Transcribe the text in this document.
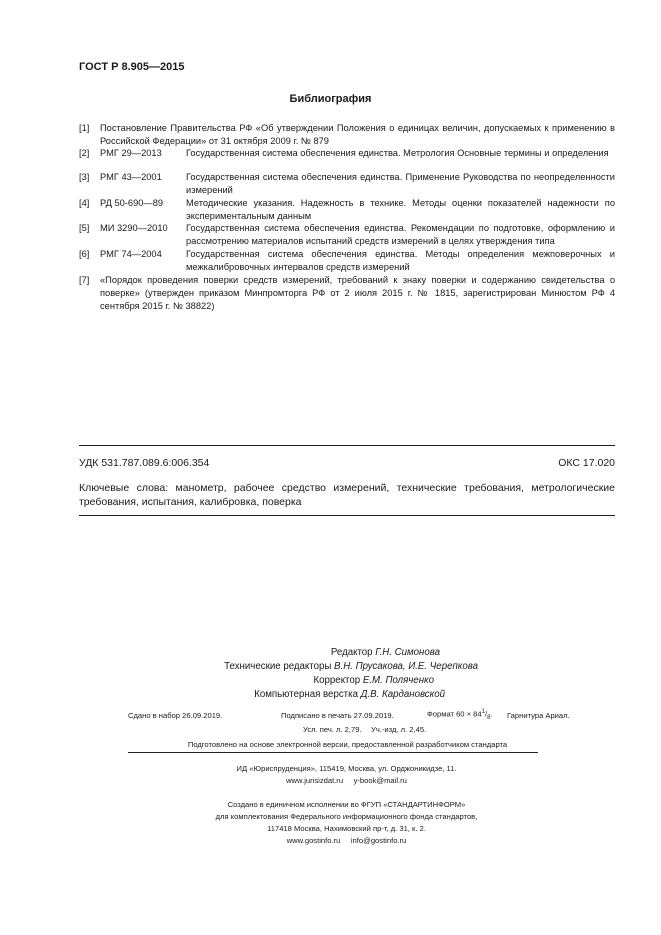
ГОСТ Р 8.905—2015
Библиография
[1] Постановление Правительства РФ «Об утверждении Положения о единицах величин, допускаемых к применению в Российской Федерации» от 31 октября 2009 г. № 879
[2] РМГ 29—2013	Государственная система обеспечения единства. Метрология Основные термины и определения
[3] РМГ 43—2001	Государственная система обеспечения единства. Применение Руководства по неопределенности измерений
[4] РД 50-690—89 Методические указания. Надежность в технике. Методы оценки показателей надежности по экспериментальным данным
[5] МИ 3290—2010 Государственная система обеспечения единства. Рекомендации по подготовке, оформлению и рассмотрению материалов испытаний средств измерений в целях утверждения типа
[6] РМГ 74—2004	Государственная система обеспечения единства. Методы определения межповерочных и межкалибровочных интервалов средств измерений
[7] «Порядок проведения поверки средств измерений, требований к знаку поверки и содержанию свидетельства о поверке» (утвержден приказом Минпромторга РФ от 2 июля 2015 г. № 1815, зарегистрирован Минюстом РФ 4 сентября 2015 г. № 38822)
УДК 531.787.089.6:006.354	ОКС 17.020
Ключевые слова: манометр, рабочее средство измерений, технические требования, метрологические требования, испытания, калибровка, поверка
Редактор Г.Н. Симонова
Технические редакторы В.Н. Прусакова, И.Е. Черепкова
Корректор Е.М. Поляченко
Компьютерная верстка Д.В. Кардановской
Сдано в набор 26.09.2019.	Подписано в печать 27.09.2019.	Формат $60 \times 84^1/_8$. Гарнитура Ариал.
Усл. печ. л. 2,79. Уч.-изд. л. 2,45.
Подготовлено на основе электронной версии, предоставленной разработчиком стандарта
ИД «Юриспруденция», 115419, Москва, ул. Орджоникидзе, 11.
www.jurisizdat.ru y-book@mail.ru
Создано в единичном исполнении во ФГУП «СТАНДАРТИНФОРМ»
для комплектования Федерального информационного фонда стандартов,
117418 Москва, Нахимовский пр-т, д. 31, к. 2.
www.gostinfo.ru info@gostinfo.ru
